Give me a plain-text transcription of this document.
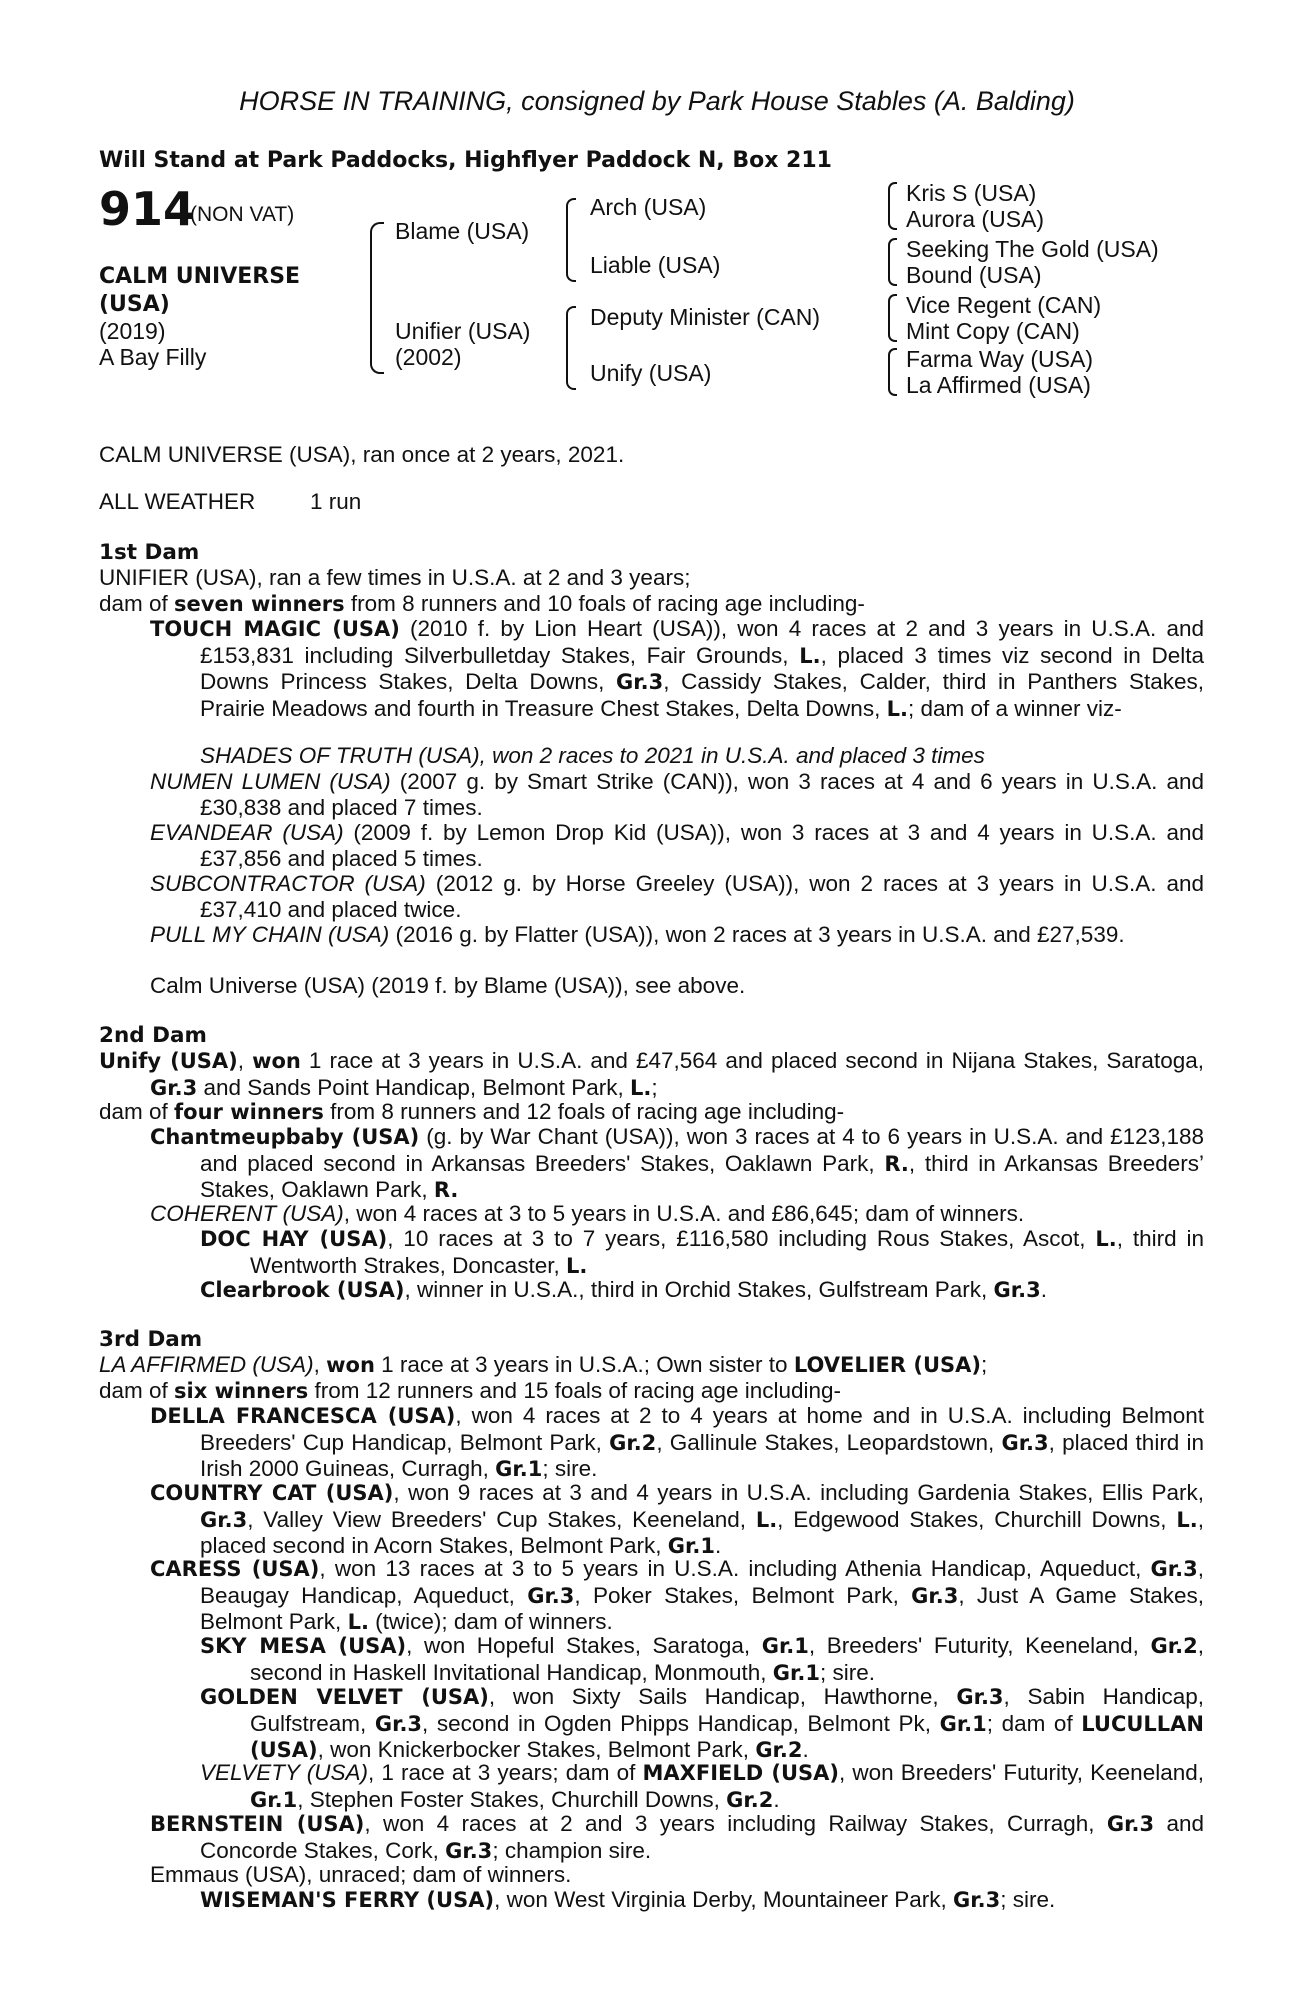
HORSE IN TRAINING, consigned by Park House Stables (A. Balding)
Will Stand at Park Paddocks, Highflyer Paddock N, Box 211
914
(NON VAT)
CALM UNIVERSE
(USA)
(2019)
A Bay Filly
Blame (USA)
Unifier (USA)
(2002)
Arch (USA)
Liable (USA)
Deputy Minister (CAN)
Unify (USA)
Kris S (USA)
Aurora (USA)
Seeking The Gold (USA)
Bound (USA)
Vice Regent (CAN)
Mint Copy (CAN)
Farma Way (USA)
La Affirmed (USA)
CALM UNIVERSE (USA), ran once at 2 years, 2021.
ALL WEATHER 1 run
1st Dam
UNIFIER (USA), ran a few times in U.S.A. at 2 and 3 years;
dam of seven winners from 8 runners and 10 foals of racing age including-
TOUCH MAGIC (USA) (2010 f. by Lion Heart (USA)), won 4 races at 2 and 3 years in U.S.A. and £153,831 including Silverbulletday Stakes, Fair Grounds, L., placed 3 times viz second in Delta Downs Princess Stakes, Delta Downs, Gr.3, Cassidy Stakes, Calder, third in Panthers Stakes, Prairie Meadows and fourth in Treasure Chest Stakes, Delta Downs, L.; dam of a winner viz-
SHADES OF TRUTH (USA), won 2 races to 2021 in U.S.A. and placed 3 times
NUMEN LUMEN (USA) (2007 g. by Smart Strike (CAN)), won 3 races at 4 and 6 years in U.S.A. and £30,838 and placed 7 times.
EVANDEAR (USA) (2009 f. by Lemon Drop Kid (USA)), won 3 races at 3 and 4 years in U.S.A. and £37,856 and placed 5 times.
SUBCONTRACTOR (USA) (2012 g. by Horse Greeley (USA)), won 2 races at 3 years in U.S.A. and £37,410 and placed twice.
PULL MY CHAIN (USA) (2016 g. by Flatter (USA)), won 2 races at 3 years in U.S.A. and £27,539.
Calm Universe (USA) (2019 f. by Blame (USA)), see above.
2nd Dam
Unify (USA), won 1 race at 3 years in U.S.A. and £47,564 and placed second in Nijana Stakes, Saratoga, Gr.3 and Sands Point Handicap, Belmont Park, L.;
dam of four winners from 8 runners and 12 foals of racing age including-
Chantmeupbaby (USA) (g. by War Chant (USA)), won 3 races at 4 to 6 years in U.S.A. and £123,188 and placed second in Arkansas Breeders' Stakes, Oaklawn Park, R., third in Arkansas Breeders’ Stakes, Oaklawn Park, R.
COHERENT (USA), won 4 races at 3 to 5 years in U.S.A. and £86,645; dam of winners.
DOC HAY (USA), 10 races at 3 to 7 years, £116,580 including Rous Stakes, Ascot, L., third in Wentworth Strakes, Doncaster, L.
Clearbrook (USA), winner in U.S.A., third in Orchid Stakes, Gulfstream Park, Gr.3.
3rd Dam
LA AFFIRMED (USA), won 1 race at 3 years in U.S.A.; Own sister to LOVELIER (USA);
dam of six winners from 12 runners and 15 foals of racing age including-
DELLA FRANCESCA (USA), won 4 races at 2 to 4 years at home and in U.S.A. including Belmont Breeders' Cup Handicap, Belmont Park, Gr.2, Gallinule Stakes, Leopardstown, Gr.3, placed third in Irish 2000 Guineas, Curragh, Gr.1; sire.
COUNTRY CAT (USA), won 9 races at 3 and 4 years in U.S.A. including Gardenia Stakes, Ellis Park, Gr.3, Valley View Breeders' Cup Stakes, Keeneland, L., Edgewood Stakes, Churchill Downs, L., placed second in Acorn Stakes, Belmont Park, Gr.1.
CARESS (USA), won 13 races at 3 to 5 years in U.S.A. including Athenia Handicap, Aqueduct, Gr.3, Beaugay Handicap, Aqueduct, Gr.3, Poker Stakes, Belmont Park, Gr.3, Just A Game Stakes, Belmont Park, L. (twice); dam of winners.
SKY MESA (USA), won Hopeful Stakes, Saratoga, Gr.1, Breeders' Futurity, Keeneland, Gr.2, second in Haskell Invitational Handicap, Monmouth, Gr.1; sire.
GOLDEN VELVET (USA), won Sixty Sails Handicap, Hawthorne, Gr.3, Sabin Handicap, Gulfstream, Gr.3, second in Ogden Phipps Handicap, Belmont Pk, Gr.1; dam of LUCULLAN (USA), won Knickerbocker Stakes, Belmont Park, Gr.2.
VELVETY (USA), 1 race at 3 years; dam of MAXFIELD (USA), won Breeders' Futurity, Keeneland, Gr.1, Stephen Foster Stakes, Churchill Downs, Gr.2.
BERNSTEIN (USA), won 4 races at 2 and 3 years including Railway Stakes, Curragh, Gr.3 and Concorde Stakes, Cork, Gr.3; champion sire.
Emmaus (USA), unraced; dam of winners.
WISEMAN'S FERRY (USA), won West Virginia Derby, Mountaineer Park, Gr.3; sire.
